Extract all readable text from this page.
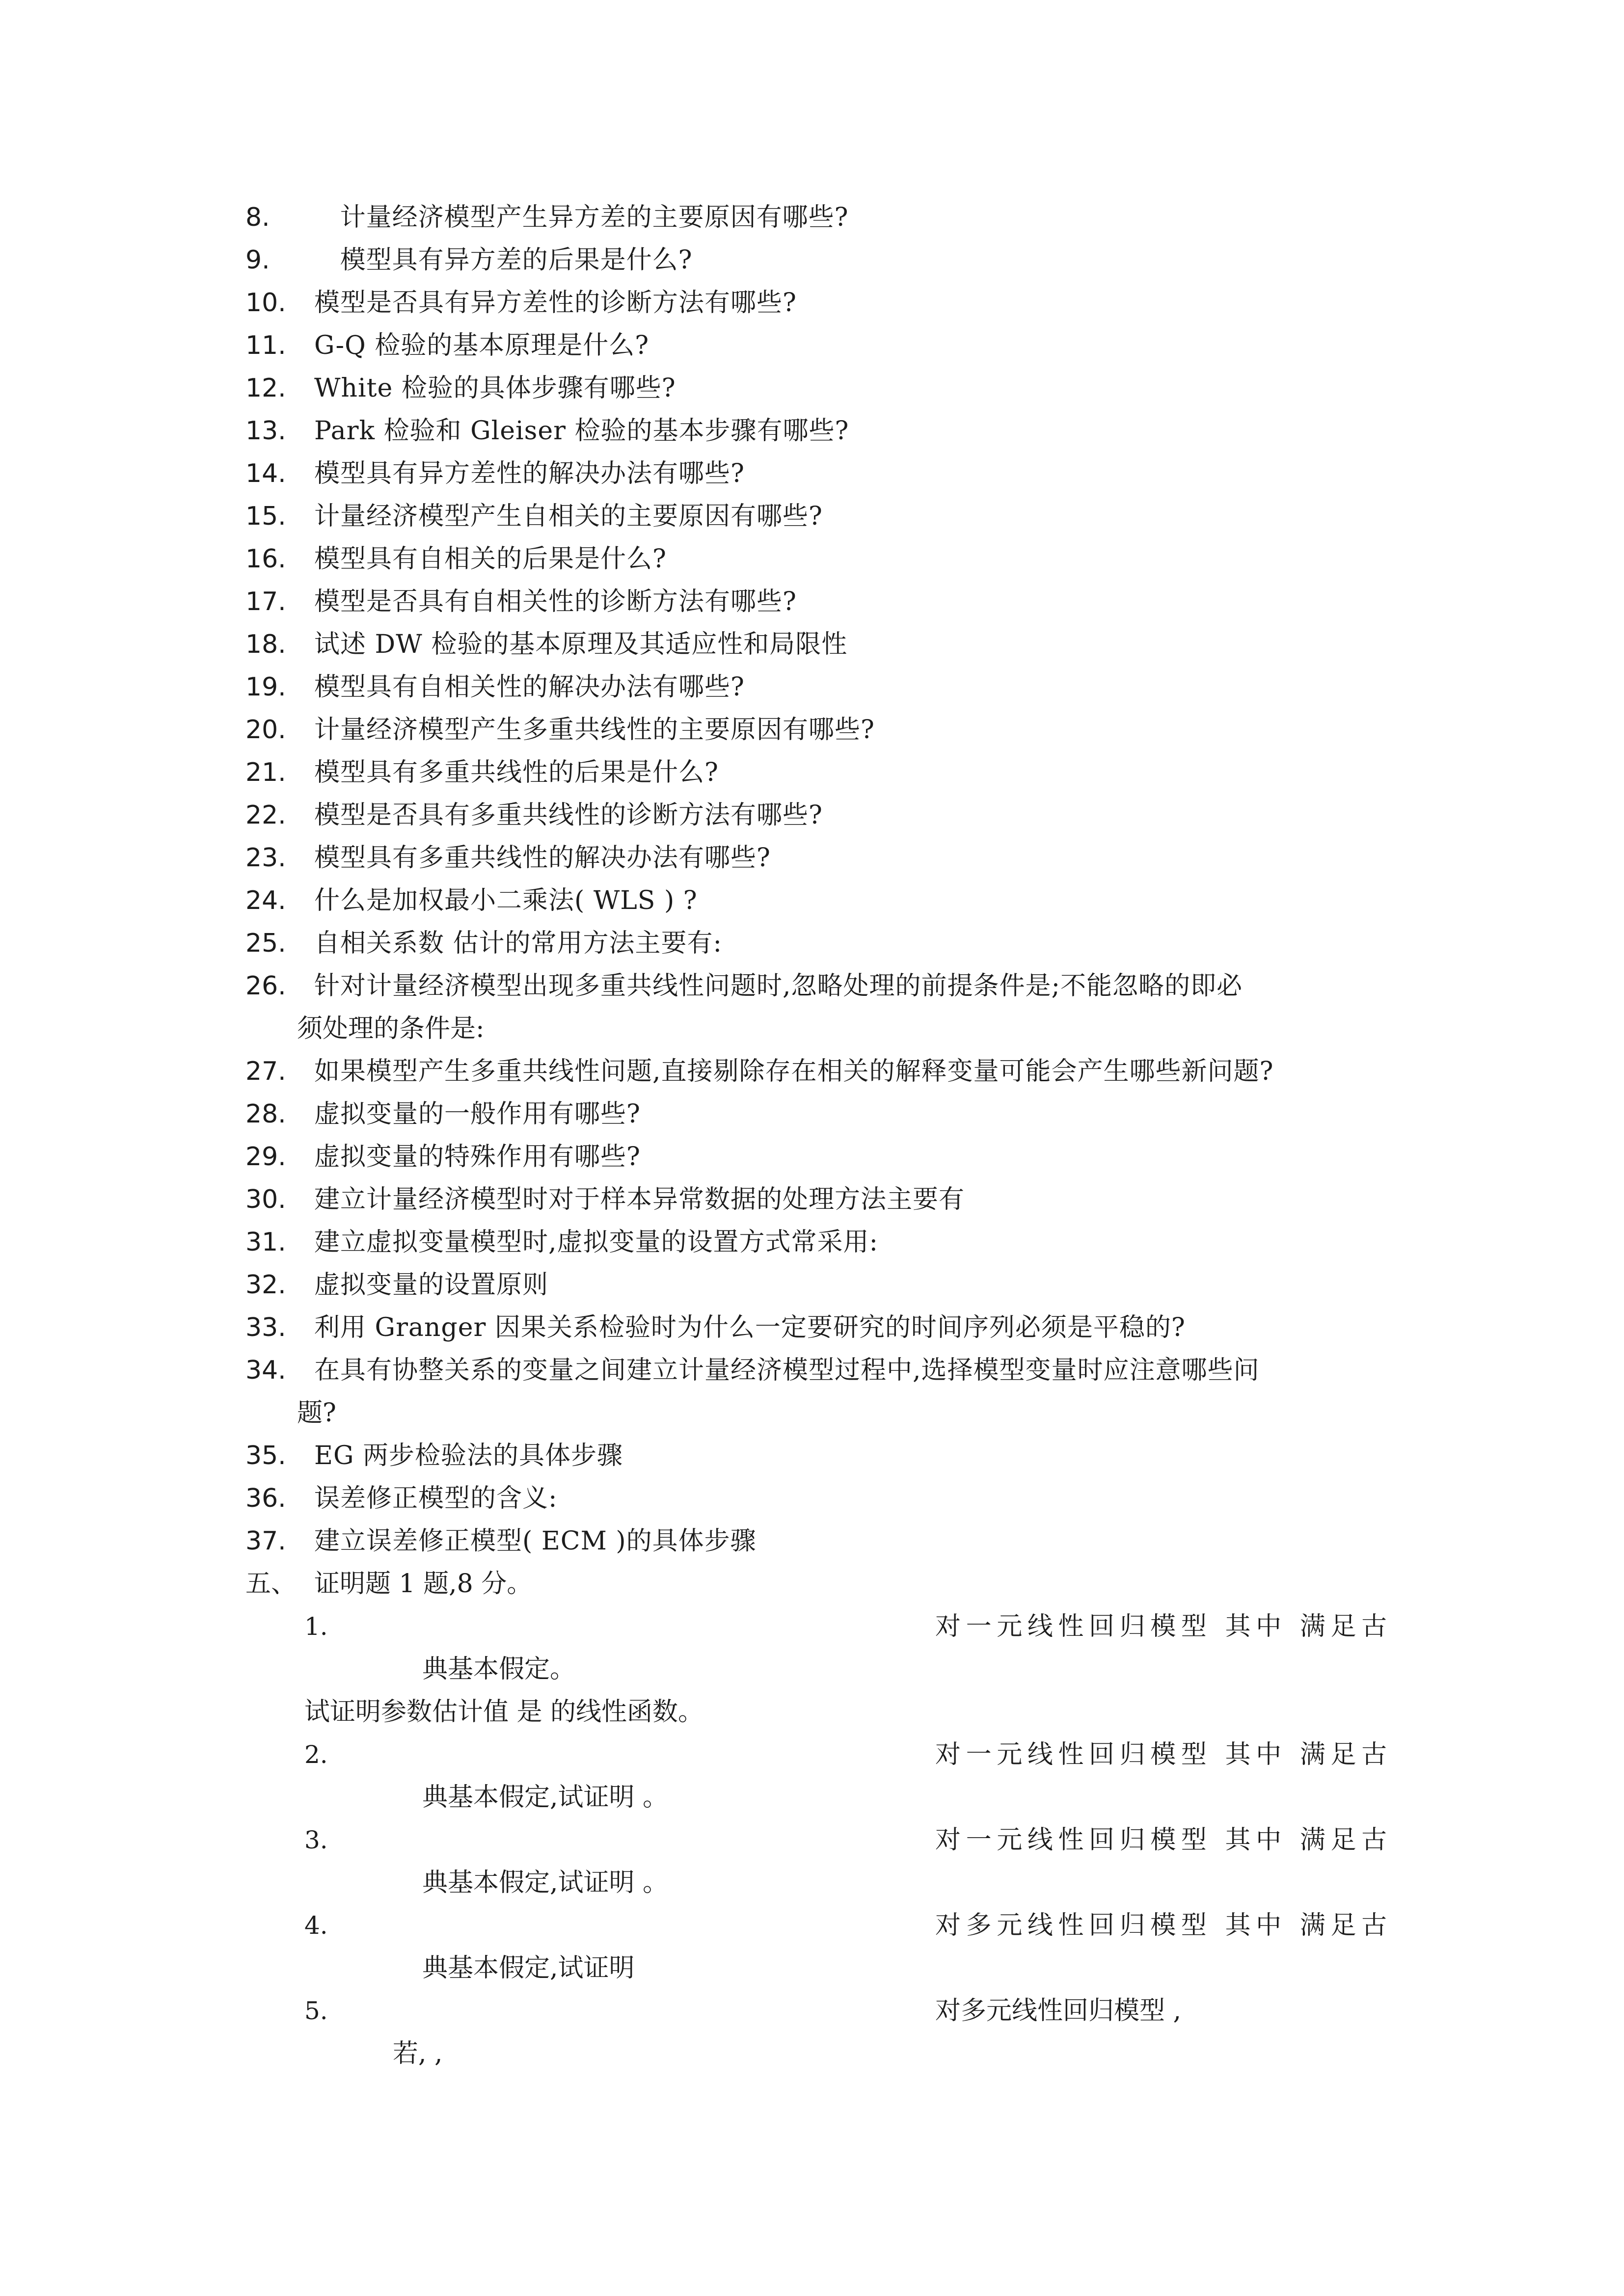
8.   计量经济模型产生异方差的主要原因有哪些?
9.   模型具有异方差的后果是什么?
10. 模型是否具有异方差性的诊断方法有哪些?
11. G-Q 检验的基本原理是什么?
12. White 检验的具体步骤有哪些?
13. Park 检验和 Gleiser 检验的基本步骤有哪些?
14. 模型具有异方差性的解决办法有哪些?
15. 计量经济模型产生自相关的主要原因有哪些?
16. 模型具有自相关的后果是什么?
17. 模型是否具有自相关性的诊断方法有哪些?
18. 试述 DW 检验的基本原理及其适应性和局限性
19. 模型具有自相关性的解决办法有哪些?
20. 计量经济模型产生多重共线性的主要原因有哪些?
21. 模型具有多重共线性的后果是什么?
22. 模型是否具有多重共线性的诊断方法有哪些?
23. 模型具有多重共线性的解决办法有哪些?
24. 什么是加权最小二乘法( WLS ) ?
25. 自相关系数 估计的常用方法主要有:
26. 针对计量经济模型出现多重共线性问题时,忽略处理的前提条件是;不能忽略的即必
须处理的条件是:
27. 如果模型产生多重共线性问题,直接剔除存在相关的解释变量可能会产生哪些新问题?
28. 虚拟变量的一般作用有哪些?
29. 虚拟变量的特殊作用有哪些?
30. 建立计量经济模型时对于样本异常数据的处理方法主要有
31. 建立虚拟变量模型时,虚拟变量的设置方式常采用:
32. 虚拟变量的设置原则
33. 利用 Granger 因果关系检验时为什么一定要研究的时间序列必须是平稳的?
34. 在具有协整关系的变量之间建立计量经济模型过程中,选择模型变量时应注意哪些问
题?
35. EG 两步检验法的具体步骤
36. 误差修正模型的含义:
37. 建立误差修正模型( ECM )的具体步骤
五、 证明题 1 题,8 分。
1.	对一元线性回归模型 其中 满足古
典基本假定。
试证明参数估计值 是 的线性函数。
2.	对一元线性回归模型 其中 满足古
典基本假定,试证明 。
3.	对一元线性回归模型 其中 满足古
典基本假定,试证明 。
4.	对多元线性回归模型 其中 满足古
典基本假定,试证明
5.	对多元线性回归模型 ,
若, ,
